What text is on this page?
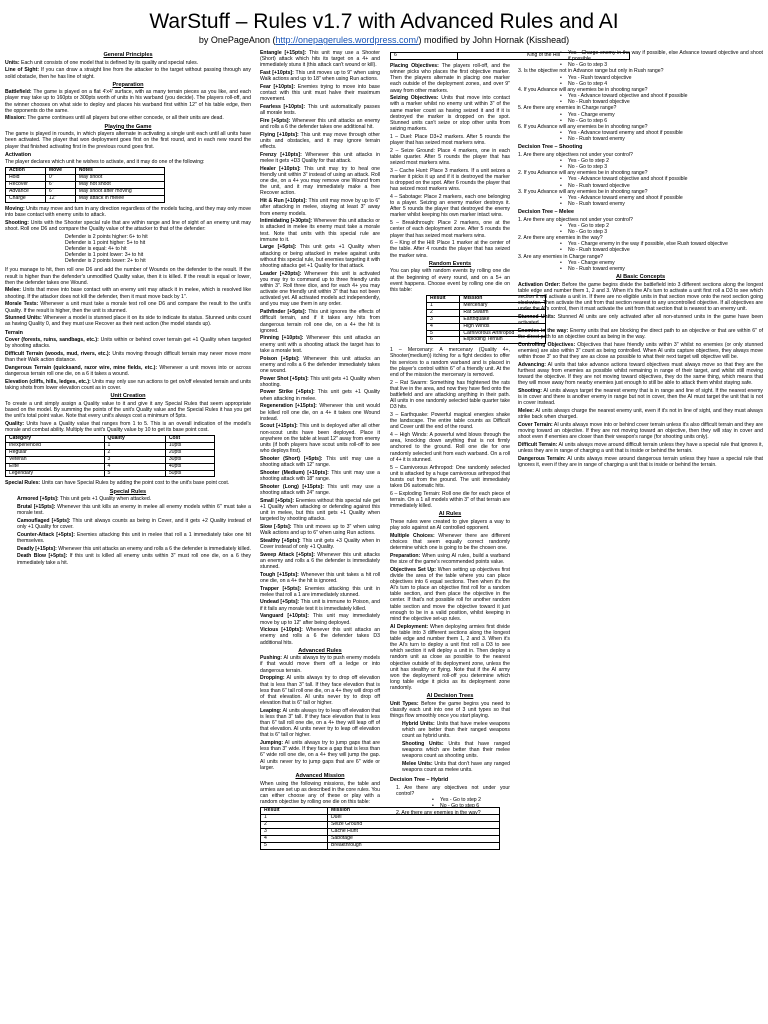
WarStuff – Rules v1.7 with Advanced Rules and AI
by OnePageAnon (http://onepagerules.wordpress.com/) modified by John Hornak (Kisshead)
General Principles

Units: Each unit consists of one model that is defined by its quality and special rules.

Line of Sight: If you can draw a straight line from the attacker to the target without passing through any solid obstacle, then he has line of sight.

Preparation

Battlefield: The game is played on a flat 4'x4' surface, with as many terrain pieces as you like, and each player may take up to 160pts or 300pts worth of units in his warband (you decide). The players roll-off, and the winner chooses on what side to deploy and places his warband first within 12" of his table edge, then the opponents do the same.

Mission: The game continues until all players but one either concede, or all their units are dead.

Playing the Game

The game is played in rounds, in which players alternate in activating a single unit each until all units have been activated. The player that won deployment goes first on the first round, and in each new round the player that finished activating first in the previous round goes first.

Activation

The player declares which unit he wishes to activate, and it may do one of the following:

Action	Move	Notes
Hold	0"	May shoot
Recover	6"	May not shoot
Advance	6"	May shoot after moving
Charge	12"	May attack in melee

Moving: Units may move and turn in any direction regardless of the models facing, and they may only move into base contact with enemy units to attack.

Shooting: Units with the Shooter special rule that are within range and line of sight of an enemy unit may shoot. Roll one D6 and compare the Quality value of the attacker to that of the defender:

Defender is 2 points higher: 6+ to hit

Defender is 1 point higher: 5+ to hit

Defender is equal: 4+ to hit

Defender is 1 point lower: 3+ to hit

Defender is 2 points lower: 2+ to hit

If you manage to hit, then roll one D6 and add the number of Wounds on the defender to the result. If the result is higher than the defender's unmodified Quality value, then it is killed. If the result is equal or lower, then the defender takes one Wound.

Melee: Units that move into base contact with an enemy unit may attack it in melee, which is resolved like shooting. If the attacker does not kill the defender, then it must move back by 1".

Morale Tests: Whenever a unit must take a morale test roll one D6 and compare the result to the unit's Quality. If the result is higher, then the unit is stunned.

Stunned Units: Whenever a model is stunned place it on its side to indicate its status. Stunned units count as having Quality 0, and they must use Recover as their next action (the model stands up).

Terrain

Cover (forests, ruins, sandbags, etc.): Units within or behind cover terrain get +1 Quality when targeted by shooting attacks.

Difficult Terrain (woods, mud, rivers, etc.): Units moving through difficult terrain may never move more than their Walk action distance.

Dangerous Terrain (quicksand, razor wire, mine fields, etc.): Whenever a unit moves into or across dangerous terrain roll one die, on a 6 it takes a wound.

Elevation (cliffs, hills, ledges, etc.): Units may only use run actions to get on/off elevated terrain and units taking shots from lower elevation count as in cover.

Unit Creation

To create a unit simply assign a Quality value to it and give it any Special Rules that seem appropriate based on the model. By summing the points of the unit's Quality value and the Special Rules it has you get the unit's total point value. Note that every unit's always cost a minimum of 5pts.

Quality: Units have a Quality value that ranges from 1 to 5. This is an overall indication of the model's morale and combat ability. Multiply the unit's Quality value by 10 to get its base point cost.

Category	Quality	Cost
Inexperienced	1	10pts
Regular	2	20pts
Veteran	3	30pts
Elite	4	40pts
Legendary	5	50pts

Special Rules: Units can have Special Rules by adding the point cost to the unit's base point cost.

Special Rules

Armored [+5pts]: This unit gets +1 Quality when attacked.

Brutal [+15pts]: Whenever this unit kills an enemy in melee all enemy models within 6" must take a morale test.

Camouflaged [+5pts]: This unit always counts as being in Cover, and it gets +2 Quality instead of only +1 Quality for cover.

Counter-Attack [+5pts]: Enemies attacking this unit in melee that roll a 1 immediately take one hit themselves.

Deadly [+15pts]: Whenever this unit attacks an enemy and rolls a 6 the defender is immediately killed.

Death Blow [+5pts]: If this unit is killed all enemy units within 3" must roll one die, on a 6 they immediately take a hit.

Entangle [+15pts]: This unit may use a Shooter (Short) attack which hits its target on a 4+ and immediately stuns it (this attack can't wound or kill).

Fast [+10pts]: This unit moves up to 9" when using Walk actions and up to 18" when using Run actions.

Fear [+10pts]: Enemies trying to move into base contact with this unit must halve their maximum movement.

Fearless [+10pts]: This unit automatically passes all morale tests.

Fire [+5pts]: Whenever this unit attacks an enemy and rolls a 6 the defender takes one additional hit.

Flying [+10pts]: This unit may move through other units and obstacles, and it may ignore terrain effects.

Frenzy [+10pts]: Whenever this unit attacks in melee it gets +D3 Quality for that attack.

Healer [+10pts]: This unit may try to heal one friendly unit within 3" instead of using an attack. Roll one die, on a 4+ you may remove one Wound from the unit, and it may immediately make a free Recover action.

Hit & Run [+10pts]: This unit may move by up to 6" after attacking in melee, staying at least 3" away from enemy models.

Intimidating [+30pts]: Whenever this unit attacks or is attacked in melee its enemy must take a morale test. Note that units with this special rule are immune to it.

Large [+5pts]: This unit gets +1 Quality when attacking or being attacked in melee against units without this special rule, but enemies targeting it with shooting attacks get +1 Quality for that attack.

Leader [+20pts]: Whenever this unit is activated you may try to command up to three friendly units within 3". Roll three dice, and for each 4+ you may activate one friendly unit within 3" that has not been activated yet. All activated models act independently, and you may use them in any order.

Pathfinder [+5pts]: This unit ignores the effects of difficult terrain, and if it takes any hits from dangerous terrain roll one die, on a 4+ the hit is ignored.

Pinning [+10pts]: Whenever this unit attacks an enemy unit with a shooting attack the target has to take a morale test.

Poison [+5pts]: Whenever this unit attacks an enemy and rolls a 6 the defender immediately takes one wound.

Power Shot [+5pts]: This unit gets +1 Quality when shooting.

Power Strike [+5pts]: This unit gets +1 Quality when attacking in melee.

Regeneration [+15pts]: Whenever this unit would be killed roll one die, on a 4+ it takes one Wound instead.

Scout [+15pts]: This unit is deployed after all other non-scout units have been deployed. Place it anywhere on the table at least 12" away from enemy units (if both players have scout units roll-off to see who deploys first).

Shooter (Short) [+5pts]: This unit may use a shooting attack with 12" range.

Shooter (Medium) [+10pts]: This unit may use a shooting attack with 18" range.

Shooter (Long) [+15pts]: This unit may use a shooting attack with 24" range.

Small [+5pts]: Enemies without this special rule get +1 Quality when attacking or defending against this unit in melee, but this unit gets +1 Quality when targeted by shooting attacks.

Slow [-5pts]: This unit moves up to 3" when using Walk actions and up to 6" when using Run actions.

Stealthy [+5pts]: This unit gets +3 Quality when in Cover instead of only +1 Quality.

Sweep Attack [+5pts]: Whenever this unit attacks an enemy and rolls a 6 the defender is immediately stunned.

Tough [+15pts]: Whenever this unit takes a hit roll one die, on a 4+ the hit is ignored.

Trapper [+5pts]: Enemies attacking this unit in melee that roll a 1 are immediately stunned.

Undead [+5pts]: This unit is immune to Poison, and if it fails any morale test it is immediately killed.

Vanguard [+10pts]: This unit may immediately move by up to 12" after being deployed.

Vicious [+10pts]: Whenever this unit attacks an enemy and rolls a 6 the defender takes D3 additional hits.

Advanced Rules

Pushing: AI units always try to push enemy models if that would move them off a ledge or into dangerous terrain.

Dropping: AI units always try to drop off elevation that is less than 3" tall. If they face elevation that is less than 6" tall roll one die, on a 4+ they will drop off of that elevation. AI units never try to drop off elevation that is 6" tall or higher.

Leaping: AI units always try to leap off elevation that is less than 3" tall. If they face elevation that is less than 6" tall roll one die, on a 4+ they will leap off of that elevation. AI units never try to leap off elevation that is 6" tall or higher.

Jumping: AI units always try to jump gaps that are less than 3" wide. If they face a gap that is less than 6" wide roll one die, on a 4+ they will jump the gap. AI units never try to jump gaps that are 6" wide or larger.

Advanced Mission

When using the following missions, the table and armies are set up as described in the core rules. You can either choose any of these or play with a random objective by rolling one die on this table:

Result	Mission
1	Duel
2	Seize Ground
3	Cache Hunt
4	Sabotage
5	Breakthrough
6	King of the Hill

Placing Objectives: The players roll-off, and the winner picks who places the first objective marker. Then the players alternate in placing one marker each outside of the deployment zones, and over 9" away from other markers.

Seizing Objectives: Units that move into contact with a marker whilst no enemy unit within 3" of the same marker count as having seized it and if it is destroyed the marker is dropped on the spot. Stunned units can't seize or stop other units from seizing markers.

1 – Duel: Place D3+2 markers. After 5 rounds the player that has seized most markers wins.

2 – Seize Ground: Place 4 markers, one in each table quarter. After 5 rounds the player that has seized most markers wins.

3 – Cache Hunt: Place 3 markers. If a unit seizes a marker it picks it up and if it is destroyed the marker is dropped on the spot. After 6 rounds the player that has seized most markers wins.

4 – Sabotage: Place 2 markers, each one belonging to a player. Seizing an enemy marker destroys it. After 5 rounds the player that destroyed the enemy marker whilst keeping his own marker intact wins.

5 – Breakthrough: Place 2 markers, one at the center of each deployment zone. After 5 rounds the player that has seized most markers wins.

6 – King of the Hill: Place 1 marker at the center of the table. After 4 rounds the player that has seized the marker wins.

Random Events

You can play with random events by rolling one die at the beginning of every round, and on a 5+ an event happens. Choose event by rolling one die on this table:

Result	Mission
1	Mercenary
2	Rat Swarm
3	Earthquake
4	High Winds
5	Carnivorous Arthropod
6	Exploding Terrain

1 – Mercenary: A mercenary (Quality 4+, Shooter(medium)) itching for a fight decides to offer his services to a random warband and is placed in the player's control within 6" of a friendly unit. At the end of the mission the mercenary is removed.

2 – Rat Swarm: Something has frightened the rats that live in the area, and now they have fled onto the battlefield and are attacking anything in their path. All units in one randomly selected table quarter take D3 hits.

3 – Earthquake: Powerful magical energies shake the landscape. The entire table counts as Difficult and Cover until the end of the round.

4 – High Winds: A powerful wind blows through the area, knocking down anything that is not firmly anchored to the ground. Roll one die for one randomly selected unit from each warband. On a roll of 4+ it is stunned.

5 – Carnivorous Arthropod: One randomly selected unit is attacked by a huge carnivorous arthropod that bursts out from the ground. The unit immediately takes D6 automatic hits.

6 – Exploding Terrain: Roll one die for each piece of terrain. On a 1 all models within 3" of that terrain are immediately killed.

AI Rules

These rules were created to give players a way to play solo against an AI controlled opponent.

Multiple Choices: Whenever there are different choices that seem equally correct randomly determine which one is going to be the chosen one.

Preparation: When using AI rules, build a warband the size of the game's recommended points value.

Objectives Set Up: When setting up objectives first divide the area of the table where you can place objectives into 6 equal sections. Then when it's the AI's turn to place an objective first roll for a random table section, and then place the objective in the center. If that's not possible roll for another random table section and move the objective toward it just enough to be in a valid position, whilst keeping in mind the objective set-up rules.

AI Deployment: When deploying armies first divide the table into 3 different sections along the longest table edge and number them 1, 2 and 3. When it's the AI's turn to deploy a unit first roll a D3 to see which section it will deploy a unit in. Then deploy a random unit as close as possible to the nearest objective outside of its deployment zone, unless the unit has stealthy or flying. Note that if the AI army won the deployment roll-off you determine which long table edge it picks as its deployment zone randomly.

AI Decision Trees

Unit Types: Before the game begins you need to classify each unit into one of 3 unit types so that things flow smoothly once you start playing.

Hybrid Units: Units that have melee weapons which are better than their ranged weapons count as hybrid units.

Shooting Units: Units that have ranged weapons which are better than their melee weapons count as shooting units.

Melee Units: Units that don't have any ranged weapons count as melee units.

Decision Tree – Hybrid
1. Are there any objectives not under your control?
• Yes - Go to step 2
• No - Go to step 6
2. Are there any enemies in the way?
• Yes - Charge enemy in the way if possible, else Advance toward objective and shoot if possible
• No - Go to step 3
3. Is the objective not in Advance range but only in Rush range?
• Yes - Rush toward objective
• No - Go to step 4
4. If you Advance will any enemies be in shooting range?
• Yes - Advance toward objective and shoot if possible
• No - Rush toward objective
5. Are there any enemies in Charge range?
• Yes - Charge enemy
• No - Go to step 6
6. If you Advance will any enemies be in shooting range?
• Yes - Advance toward enemy and shoot if possible
• No - Rush toward enemy
Decision Tree – Shooting
1. Are there any objectives not under your control?
• Yes - Go to step 2
• No - Go to step 3
2. If you Advance will any enemies be in shooting range?
• Yes - Advance toward objective and shoot if possible
• No - Rush toward objective
3. If you Advance will any enemies be in shooting range?
• Yes - Advance toward enemy and shoot if possible
• No - Rush toward enemy
Decision Tree – Melee
1. Are there any objectives not under your control?
• Yes - Go to step 2
• No - Go to step 3
2. Are there any enemies in the way?
• Yes - Charge enemy in the way if possible, else Rush toward objective
• No - Rush toward objective
3. Are any enemies in Charge range?
• Yes - Charge enemy
• No - Rush toward enemy
AI Basic Concepts

Activation Order: Before the game begins divide the battlefield into 3 different sections along the longest table edge and number them 1, 2 and 3. When it's the AI's turn to activate a unit first roll a D3 to see which section it will activate a unit in. If there are no eligible units in that section move onto the next section going clockwise. Then activate the unit from that section nearest to any uncontrolled objective. If all objectives are under the AI's control, then it must activate the unit from that section that is nearest to an enemy unit.

Stunned Units: Stunned AI units are only activated after all non-stunned units in the game have been activated.

Enemies in the way: Enemy units that are blocking the direct path to an objective or that are within 6" of the direct path to an objective count as being in the way.

Controlling Objectives: Objectives that have friendly units within 3" whilst no enemies (or only stunned enemies) are also within 3" count as being controlled. When AI units capture objectives, they always move within those 3" so that they are as close as possible to what their next target will objective will be.

Advancing: AI units that take advance actions toward objectives must always move so that they are the furthest away from enemies as possible whilst remaining in range of their target, and whilst still moving toward the objective. If they are not moving toward objectives, they do the same thing, which means that they will move away from nearby enemies just enough to still be able to attack them whilst staying safe.

Shooting: AI units always target the nearest enemy that is in range and line of sight. If the nearest enemy is in cover and there is another enemy in range but not in cover, then the AI must target the unit that is not in cover instead.

Melee: AI units always charge the nearest enemy unit, even if it's not in line of sight, and they must always strike back when charged.

Cover Terrain: AI units always move into or behind cover terrain unless it's also difficult terrain and they are moving toward an objective. If they are not moving toward an objective, then they will stay in cover and shoot even if enemies are closer than their weapon's range (for shooting units only).

Difficult Terrain: AI units always move around difficult terrain unless they have a special rule that ignores it, unless they are in range of charging a unit that is inside or behind the terrain.

Dangerous Terrain: AI units always move around dangerous terrain unless they have a special rule that ignores it, even if they are in range of charging a unit that is inside or behind the terrain.
